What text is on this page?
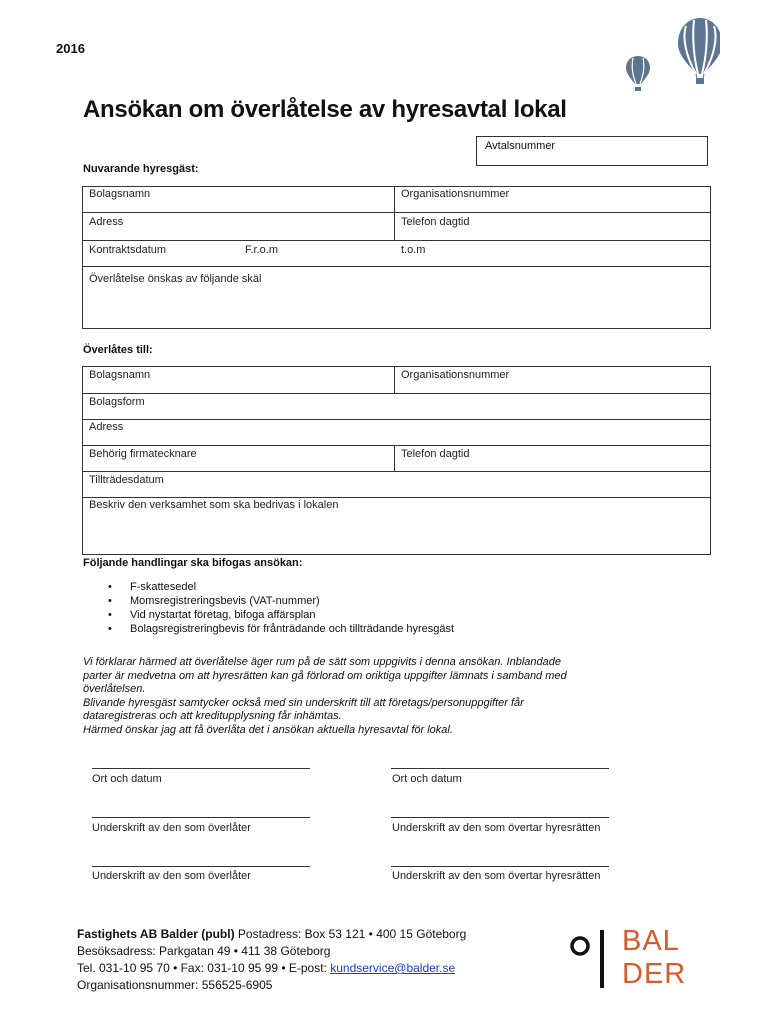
2016
Ansökan om överlåtelse av hyresavtal lokal
Avtalsnummer
Nuvarande hyresgäst:
Bolagsnamn	Organisationsnummer
Adress	Telefon dagtid
Kontraktsdatum	F.r.o.m	t.o.m
Överlåtelse önskas av följande skäl
Överlåtes till:
Bolagsnamn	Organisationsnummer
Bolagsform
Adress
Behörig firmatecknare	Telefon dagtid
Tillträdesdatum
Beskriv den verksamhet som ska bedrivas i lokalen
Följande handlingar ska bifogas ansökan:
• F-skattesedel
• Momsregistreringsbevis (VAT-nummer)
• Vid nystartat företag, bifoga affärsplan
• Bolagsregistreringbevis för frånträdande och tillträdande hyresgäst
Vi förklarar härmed att överlåtelse äger rum på de sätt som uppgivits i denna ansökan. Inblandade
parter är medvetna om att hyresrätten kan gå förlorad om oriktiga uppgifter lämnats i samband med
överlåtelsen.
Blivande hyresgäst samtycker också med sin underskrift till att företags/personuppgifter får
dataregistreras och att kreditupplysning får inhämtas.
Härmed önskar jag att få överlåta det i ansökan aktuella hyresavtal för lokal.
Ort och datum	Ort och datum
Underskrift av den som överlåter	Underskrift av den som övertar hyresrätten
Underskrift av den som överlåter	Underskrift av den som övertar hyresrätten
Fastighets AB Balder (publ) Postadress: Box 53 121 • 400 15 Göteborg
Besöksadress: Parkgatan 49 • 411 38 Göteborg
Tel. 031-10 95 70 • Fax: 031-10 95 99 • E-post: kundservice@balder.se
Organisationsnummer: 556525-6905
BAL
DER
